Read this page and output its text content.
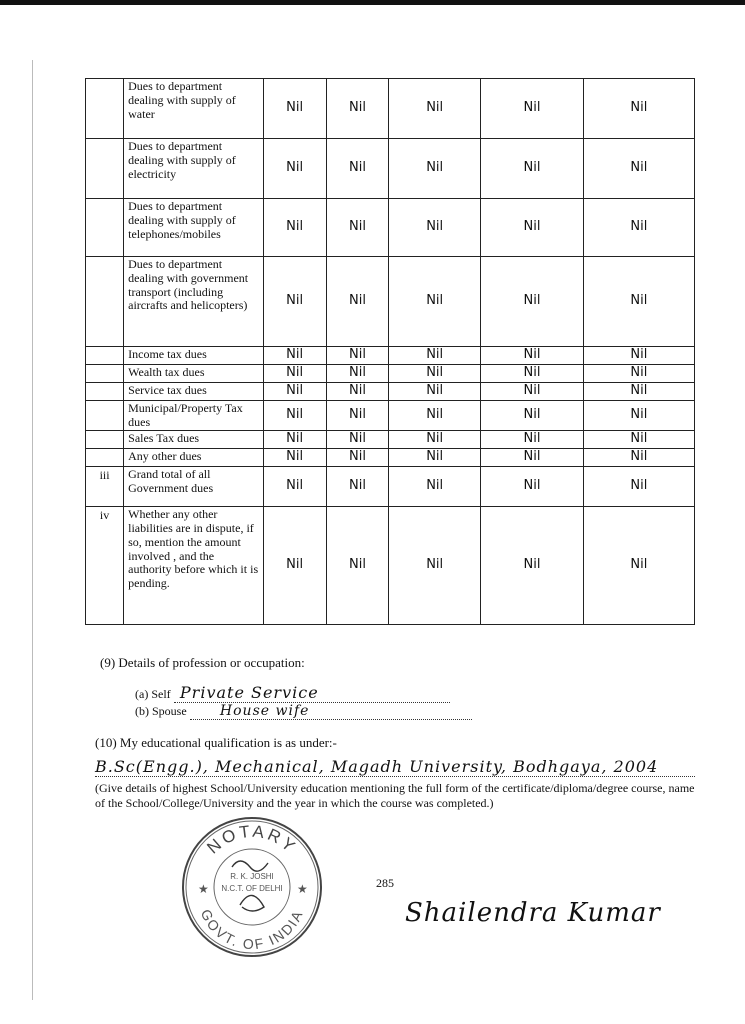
	Dues to department dealing with supply of water	Nil	Nil	Nil	Nil	Nil
	Dues to department dealing with supply of electricity	Nil	Nil	Nil	Nil	Nil
	Dues to department dealing with supply of telephones/mobiles	Nil	Nil	Nil	Nil	Nil
	Dues to department dealing with government transport (including aircrafts and helicopters)	Nil	Nil	Nil	Nil	Nil
	Income tax dues	Nil	Nil	Nil	Nil	Nil
	Wealth tax dues	Nil	Nil	Nil	Nil	Nil
	Service tax dues	Nil	Nil	Nil	Nil	Nil
	Municipal/Property Tax dues	Nil	Nil	Nil	Nil	Nil
	Sales Tax dues	Nil	Nil	Nil	Nil	Nil
	Any other dues	Nil	Nil	Nil	Nil	Nil
iii	Grand total of all Government dues	Nil	Nil	Nil	Nil	Nil
iv	Whether any other liabilities are in dispute, if so, mention the amount involved , and the authority before which it is pending.	Nil	Nil	Nil	Nil	Nil
(9) Details of profession or occupation:
(a) Self Private Service
(b) Spouse House wife
(10) My educational qualification is as under:-
B.Sc(Engg.), Mechanical, Magadh University, Bodhgaya, 2004
(Give details of highest School/University education mentioning the full form of the certificate/diploma/degree course, name of the School/College/University and the year in which the course was completed.)
NOTARY
GOVT. OF INDIA
★	★
R. K. JOSHI
N.C.T. OF DELHI	285
Shailendra Kumar
